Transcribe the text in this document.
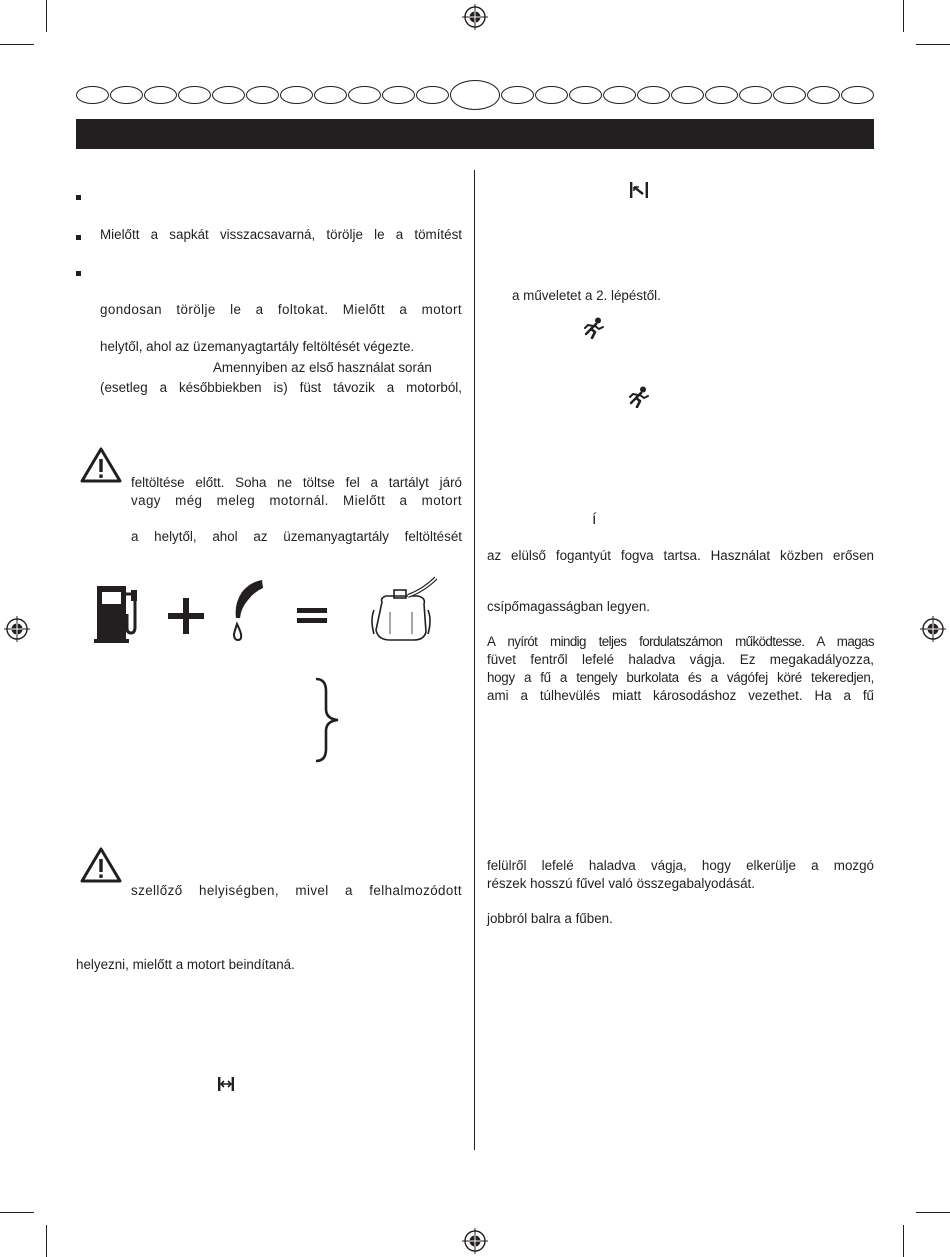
Mielőtt a sapkát visszacsavarná, törölje le a tömítést
gondosan törölje le a foltokat. Mielőtt a motort
helytől, ahol az üzemanyagtartály feltöltését végezte.
Amennyiben az első használat során
(esetleg a későbbiekben is) füst távozik a motorból,
feltöltése előtt. Soha ne töltse fel a tartályt járó
vagy még meleg motornál. Mielőtt a motort
a helytől, ahol az üzemanyagtartály feltöltését
szellőző helyiségben, mivel a felhalmozódott
helyezni, mielőtt a motort beindítaná.
a műveletet a 2. lépéstől.
í
az elülső fogantyút fogva tartsa. Használat közben erősen
csípőmagasságban legyen.
A nyírót mindig teljes fordulatszámon működtesse. A magas
füvet fentről lefelé haladva vágja. Ez megakadályozza,
hogy a fű a tengely burkolata és a vágófej köré tekeredjen,
ami a túlhevülés miatt károsodáshoz vezethet. Ha a fű
felülről lefelé haladva vágja, hogy elkerülje a mozgó
részek hosszú fűvel való összegabalyodását.
jobbról balra a fűben.
